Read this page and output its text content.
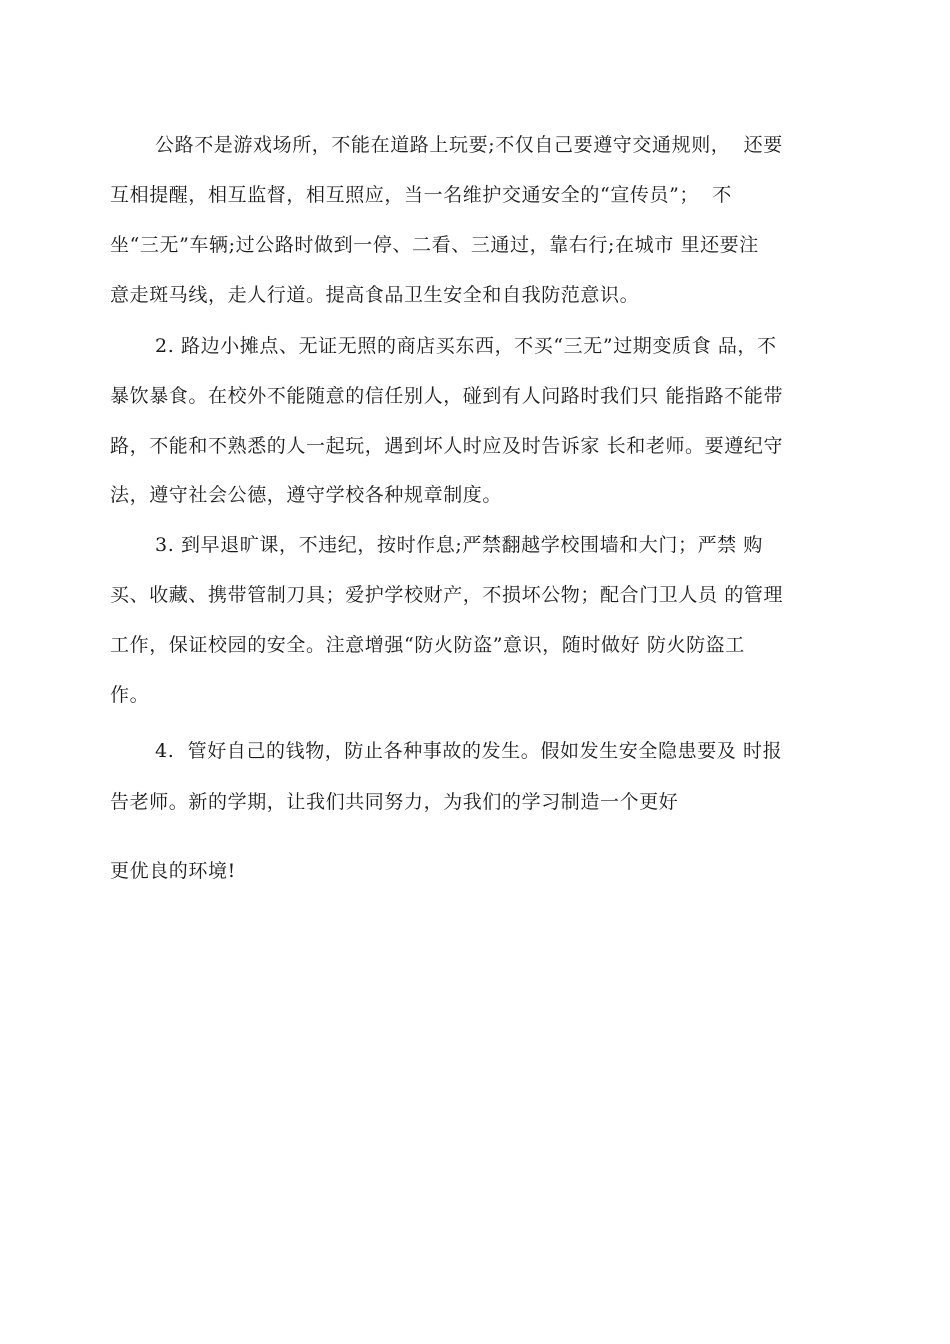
公路不是游戏场所，不能在道路上玩要;不仅自己要遵守交通规则，  还要
互相提醒，相互监督，相互照应，当一名维护交通安全的“宣传员”；  不
坐“三无”车辆;过公路时做到一停、二看、三通过，靠右行;在城市 里还要注
意走斑马线，走人行道。提高食品卫生安全和自我防范意识。
2. 路边小摊点、无证无照的商店买东西，不买“三无”过期变质食 品，不
暴饮暴食。在校外不能随意的信任别人，碰到有人问路时我们只 能指路不能带
路，不能和不熟悉的人一起玩，遇到坏人时应及时告诉家 长和老师。要遵纪守
法，遵守社会公德，遵守学校各种规章制度。
3. 到早退旷课，不违纪，按时作息;严禁翻越学校围墙和大门；严禁 购
买、收藏、携带管制刀具；爱护学校财产，不损坏公物；配合门卫人员 的管理
工作，保证校园的安全。注意增强“防火防盗”意识，随时做好 防火防盗工
作。
4.  管好自己的钱物，防止各种事故的发生。假如发生安全隐患要及 时报
告老师。新的学期，让我们共同努力，为我们的学习制造一个更好
更优良的环境!
